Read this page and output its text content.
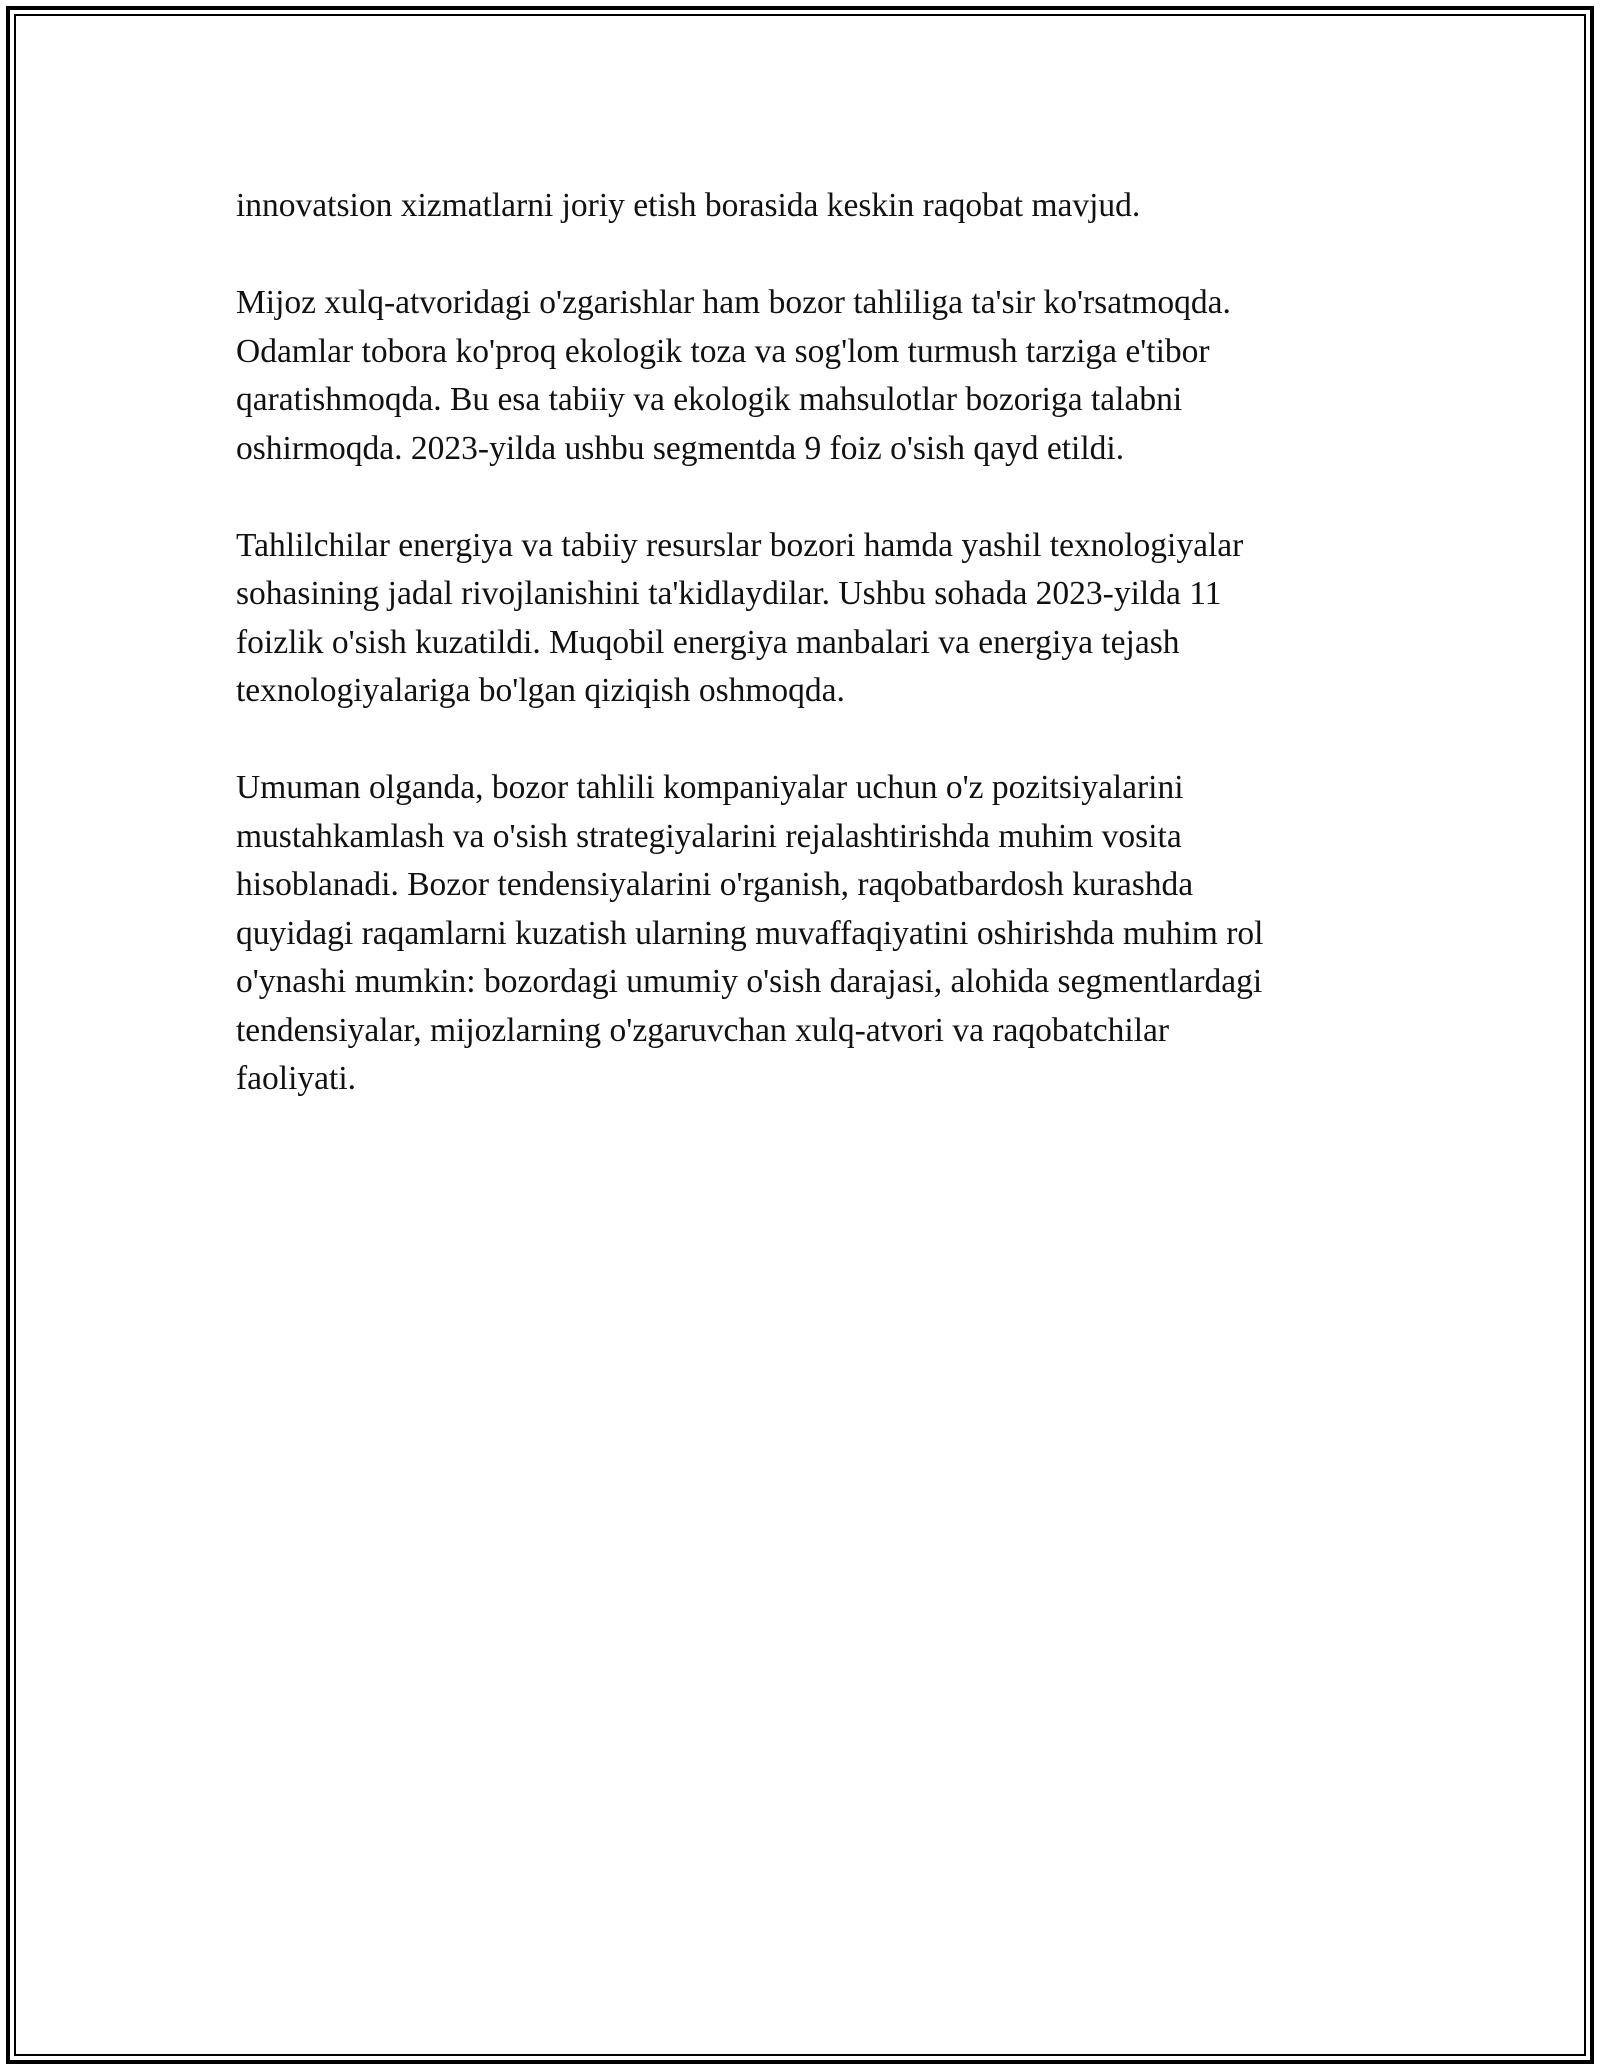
innovatsion xizmatlarni joriy etish borasida keskin raqobat mavjud.

Mijoz xulq-atvoridagi o'zgarishlar ham bozor tahliliga ta'sir ko'rsatmoqda.
Odamlar tobora ko'proq ekologik toza va sog'lom turmush tarziga e'tibor
qaratishmoqda. Bu esa tabiiy va ekologik mahsulotlar bozoriga talabni
oshirmoqda. 2023-yilda ushbu segmentda 9 foiz o'sish qayd etildi.

Tahlilchilar energiya va tabiiy resurslar bozori hamda yashil texnologiyalar
sohasining jadal rivojlanishini ta'kidlaydilar. Ushbu sohada 2023-yilda 11
foizlik o'sish kuzatildi. Muqobil energiya manbalari va energiya tejash
texnologiyalariga bo'lgan qiziqish oshmoqda.

Umuman olganda, bozor tahlili kompaniyalar uchun o'z pozitsiyalarini
mustahkamlash va o'sish strategiyalarini rejalashtirishda muhim vosita
hisoblanadi. Bozor tendensiyalarini o'rganish, raqobatbardosh kurashda
quyidagi raqamlarni kuzatish ularning muvaffaqiyatini oshirishda muhim rol
o'ynashi mumkin: bozordagi umumiy o'sish darajasi, alohida segmentlardagi
tendensiyalar, mijozlarning o'zgaruvchan xulq-atvori va raqobatchilar
faoliyati.
